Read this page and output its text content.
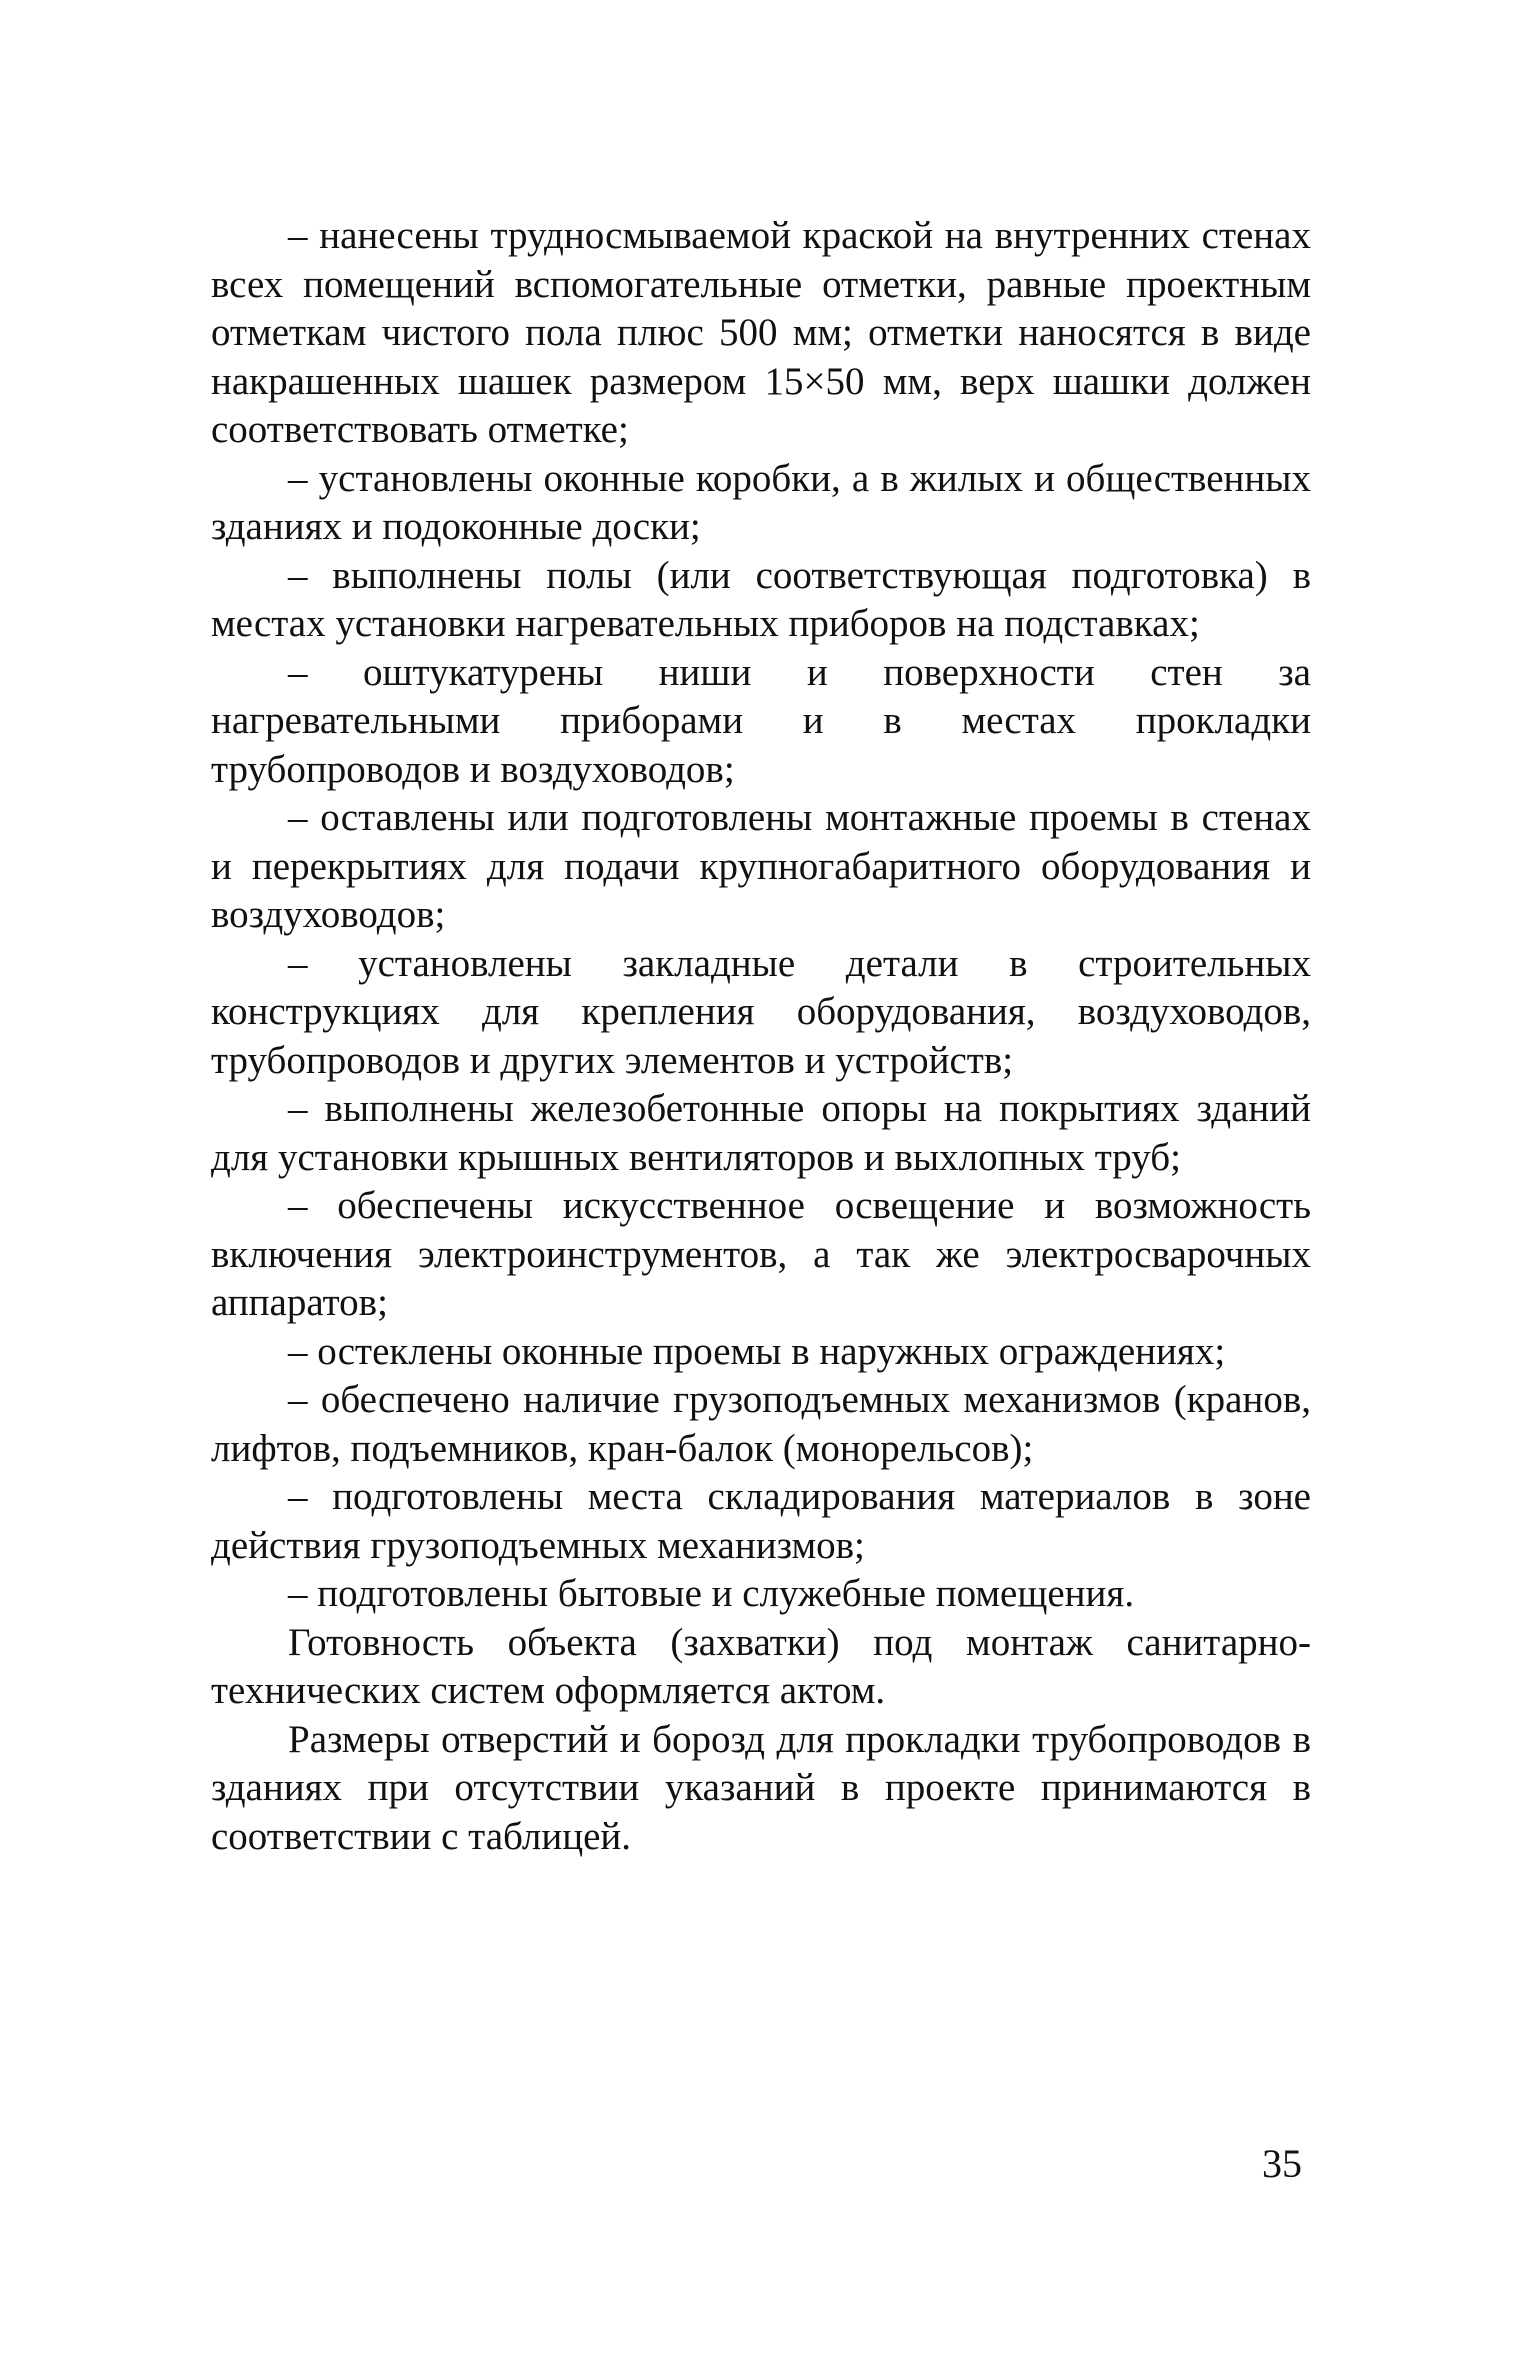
– нанесены трудносмываемой краской на внутренних стенах всех помещений вспомогательные отметки, равные проектным отметкам чистого пола плюс 500 мм; отметки наносятся в виде накрашенных шашек размером 15×50 мм, верх шашки должен соответствовать отметке;

– установлены оконные коробки, а в жилых и общественных зданиях и подоконные доски;

– выполнены полы (или соответствующая подготовка) в местах установки нагревательных приборов на подставках;

– оштукатурены ниши и поверхности стен за нагревательными приборами и в местах прокладки трубопроводов и воздуховодов;

– оставлены или подготовлены монтажные проемы в стенах и перекрытиях для подачи крупногабаритного оборудования и воздуховодов;

– установлены закладные детали в строительных конструкциях для крепления оборудования, воздуховодов, трубопроводов и других элементов и устройств;

– выполнены железобетонные опоры на покрытиях зданий для установки крышных вентиляторов и выхлопных труб;

– обеспечены искусственное освещение и возможность включения электроинструментов, а так же электросварочных аппаратов;

– остеклены оконные проемы в наружных ограждениях;

– обеспечено наличие грузоподъемных механизмов (кранов, лифтов, подъемников, кран-балок (монорельсов);

– подготовлены места складирования материалов в зоне действия грузоподъемных механизмов;

– подготовлены бытовые и служебные помещения.

Готовность объекта (захватки) под монтаж санитарно-технических систем оформляется актом.

Размеры отверстий и борозд для прокладки трубопроводов в зданиях при отсутствии указаний в проекте принимаются в соответствии с таблицей.

35
